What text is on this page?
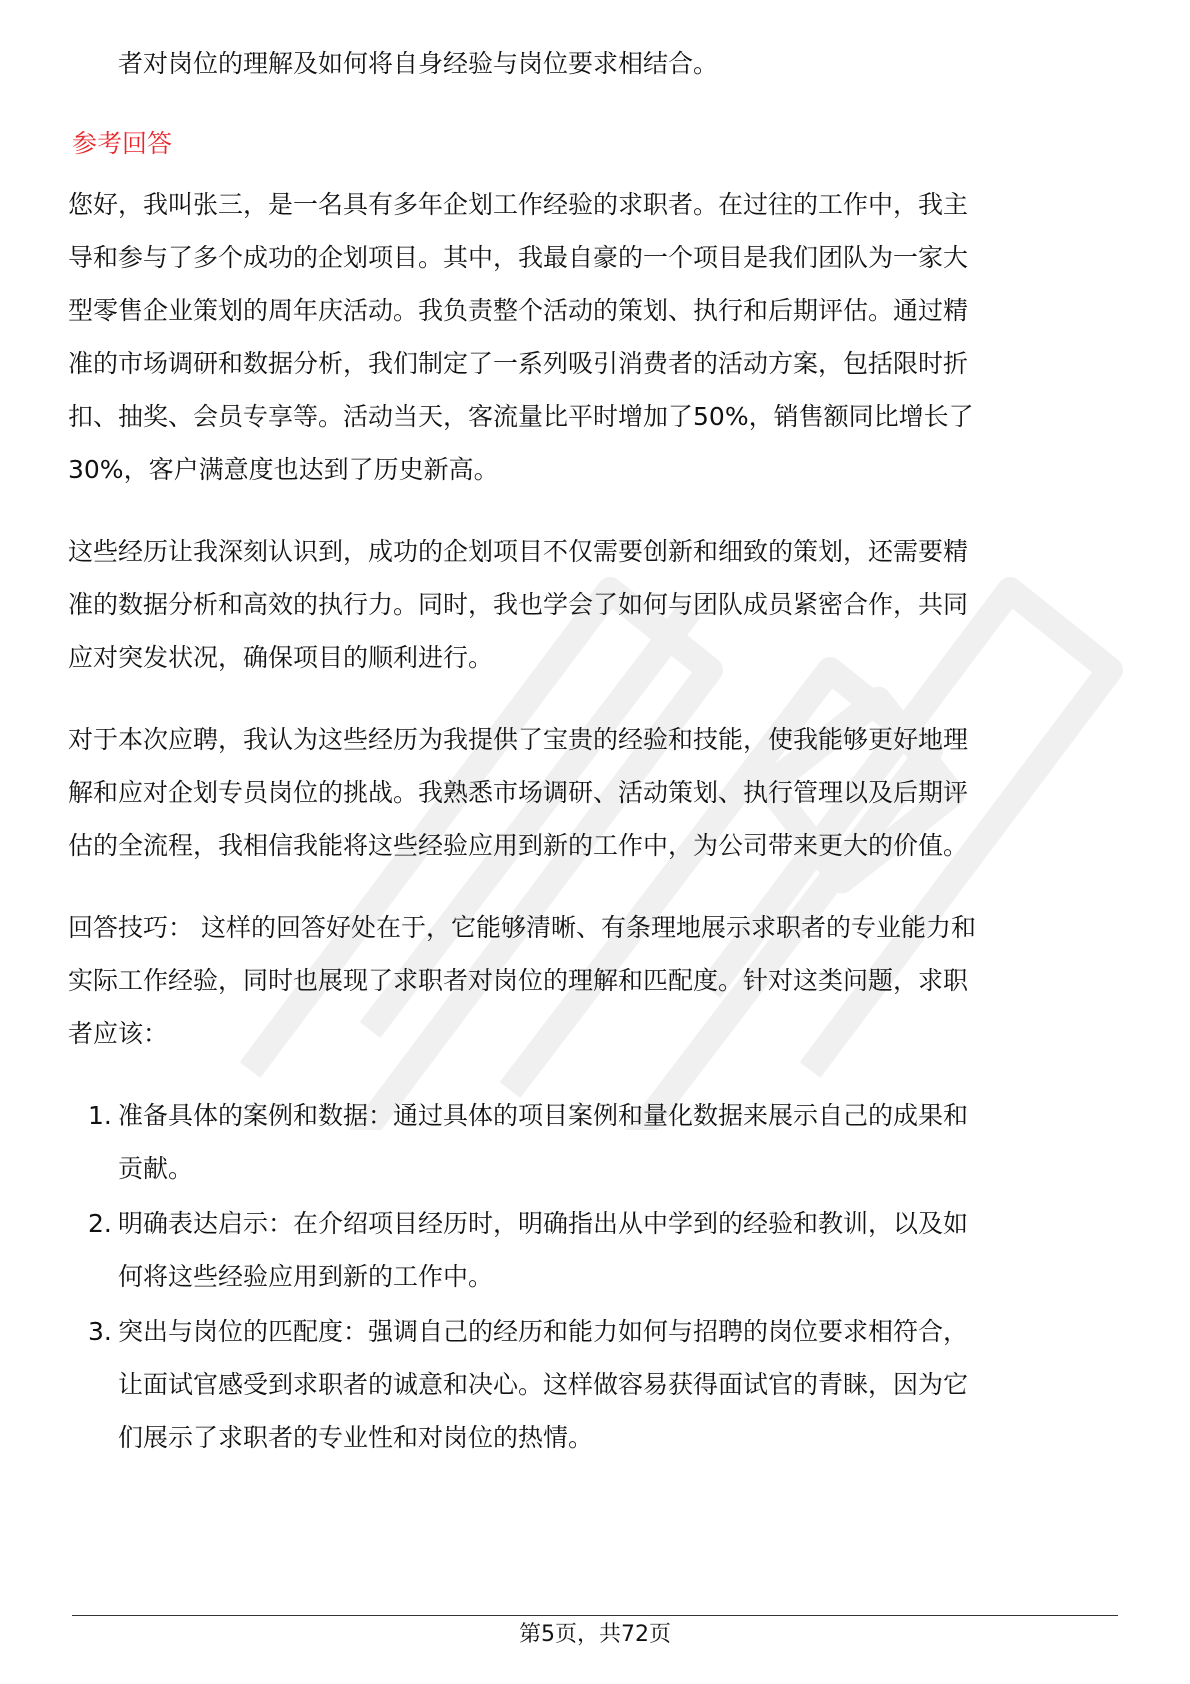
者对岗位的理解及如何将自身经验与岗位要求相结合。
参考回答
您好，我叫张三，是一名具有多年企划工作经验的求职者。在过往的工作中，我主
导和参与了多个成功的企划项目。其中，我最自豪的一个项目是我们团队为一家大
型零售企业策划的周年庆活动。我负责整个活动的策划、执行和后期评估。通过精
准的市场调研和数据分析，我们制定了一系列吸引消费者的活动方案，包括限时折
扣、抽奖、会员专享等。活动当天，客流量比平时增加了50%，销售额同比增长了
30%，客户满意度也达到了历史新高。
这些经历让我深刻认识到，成功的企划项目不仅需要创新和细致的策划，还需要精
准的数据分析和高效的执行力。同时，我也学会了如何与团队成员紧密合作，共同
应对突发状况，确保项目的顺利进行。
对于本次应聘，我认为这些经历为我提供了宝贵的经验和技能，使我能够更好地理
解和应对企划专员岗位的挑战。我熟悉市场调研、活动策划、执行管理以及后期评
估的全流程，我相信我能将这些经验应用到新的工作中，为公司带来更大的价值。
回答技巧： 这样的回答好处在于，它能够清晰、有条理地展示求职者的专业能力和
实际工作经验，同时也展现了求职者对岗位的理解和匹配度。针对这类问题，求职
者应该：
1. 准备具体的案例和数据：通过具体的项目案例和量化数据来展示自己的成果和
贡献。
2. 明确表达启示：在介绍项目经历时，明确指出从中学到的经验和教训，以及如
何将这些经验应用到新的工作中。
3. 突出与岗位的匹配度：强调自己的经历和能力如何与招聘的岗位要求相符合，
让面试官感受到求职者的诚意和决心。这样做容易获得面试官的青睐，因为它
们展示了求职者的专业性和对岗位的热情。
第5页，共72页
